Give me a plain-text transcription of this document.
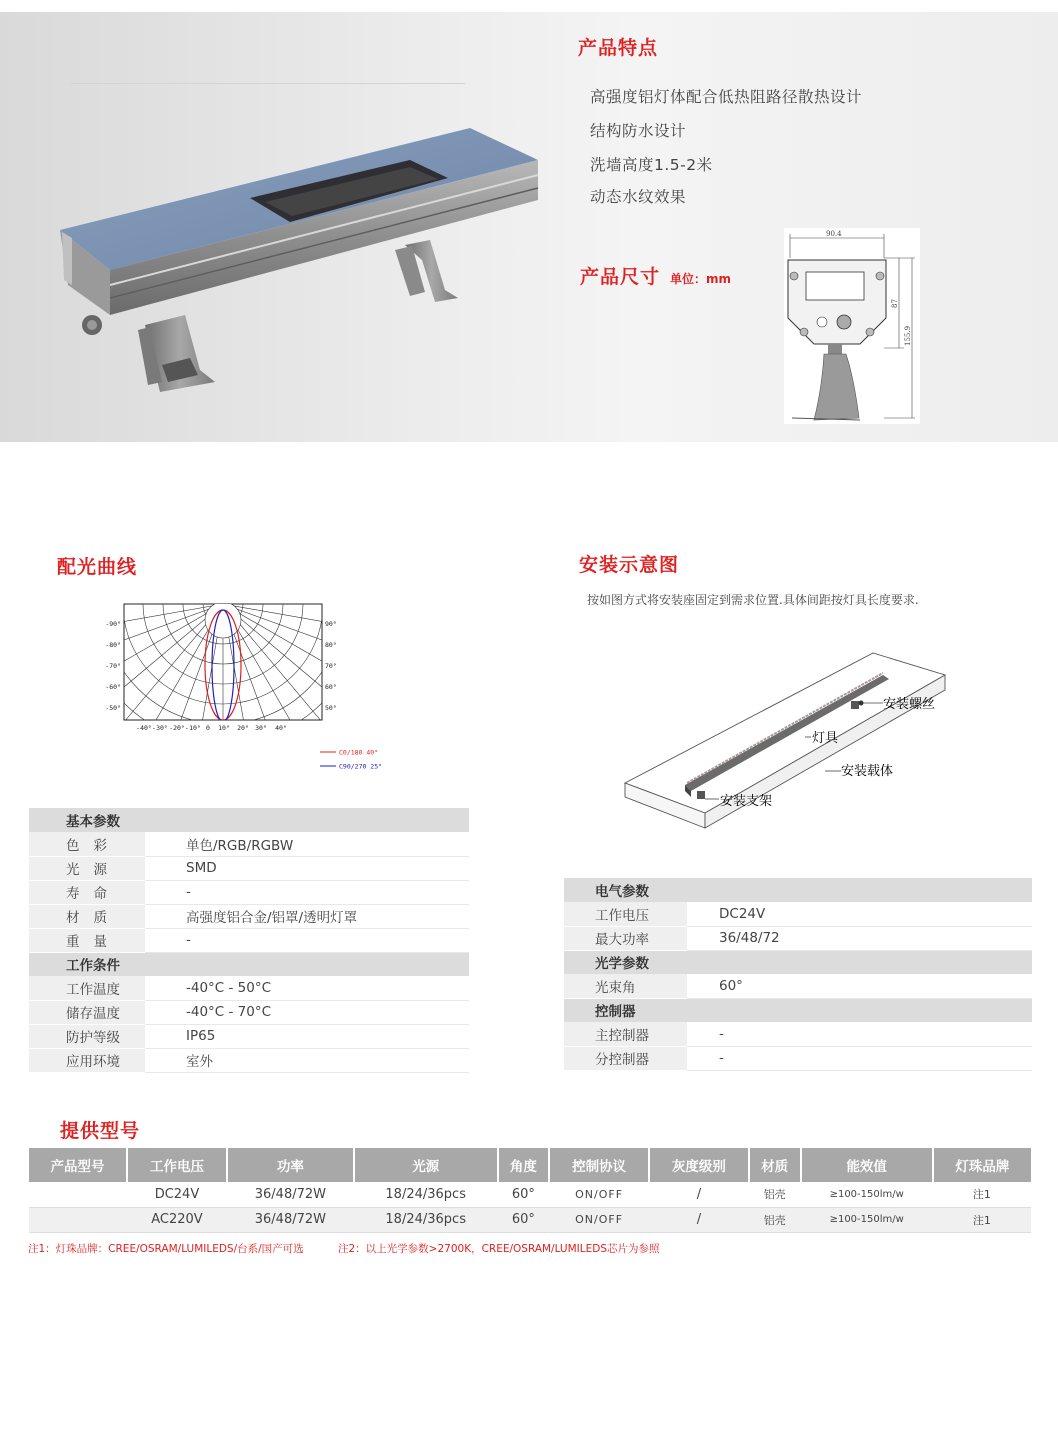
产品特点
高强度铝灯体配合低热阻路径散热设计
结构防水设计
洗墙高度1.5-2米
动态水纹效果
产品尺寸 单位：mm
90.4
87
155.9
配光曲线
-90°
-80°
-70°
-60°
-50°
90°
80°
70°
60°
50°
-40° -30° -20° -10° 0 10° 20° 30° 40°
C0/180 40°
C90/270 25°
安装示意图
按如图方式将安装座固定到需求位置.具体间距按灯具长度要求.
安装螺丝
灯具
安装载体
安装支架
基本参数	
色彩	单色/RGB/RGBW
光源	SMD
寿命	-
材质	高强度铝合金/铝罩/透明灯罩
重量	-
工作条件	
工作温度	-40°C - 50°C
储存温度	-40°C - 70°C
防护等级	IP65
应用环境	室外
电气参数	
工作电压	DC24V
最大功率	36/48/72
光学参数	
光束角	60°
控制器	
主控制器	-
分控制器	-
提供型号
产品型号	工作电压	功率	光源	角度	控制协议	灰度级别	材质	能效值	灯珠品牌
	DC24V	36/48/72W	18/24/36pcs	60°	ON/OFF	/	铝壳	≥100-150lm/w	注1
	AC220V	36/48/72W	18/24/36pcs	60°	ON/OFF	/	铝壳	≥100-150lm/w	注1
注1：灯珠品牌：CREE/OSRAM/LUMILEDS/台系/国产可选	注2：以上光学参数>2700K，CREE/OSRAM/LUMILEDS芯片为参照
